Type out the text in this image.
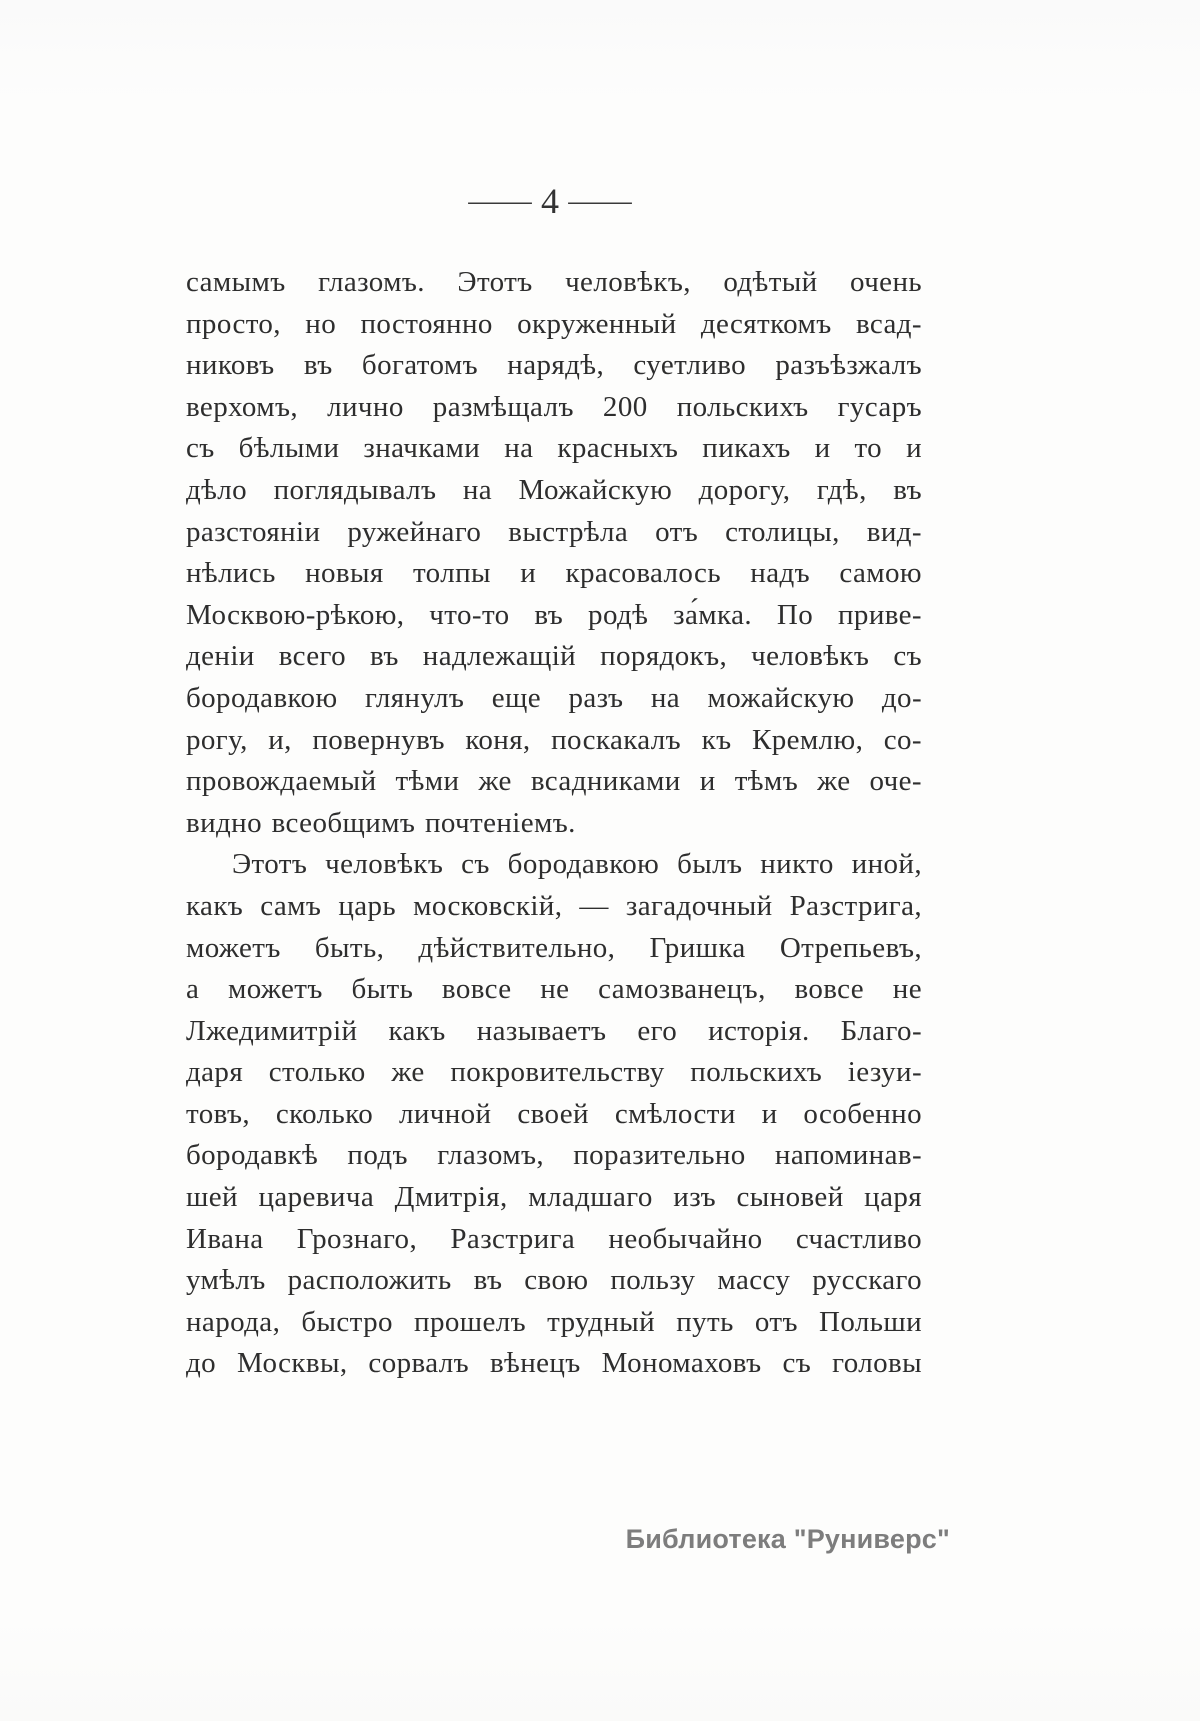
— 4 —

самымъ глазомъ. Этотъ человѣкъ, одѣтый очень

просто, но постоянно окруженный десяткомъ всад-

никовъ въ богатомъ нарядѣ, суетливо разъѣзжалъ

верхомъ, лично размѣщалъ 200 польскихъ гусаръ

съ бѣлыми значками на красныхъ пикахъ и то и

дѣло поглядывалъ на Можайскую дорогу, гдѣ, въ

разстояніи ружейнаго выстрѣла отъ столицы, вид-

нѣлись новыя толпы и красовалось надъ самою

Москвою-рѣкою, что-то въ родѣ за́мка. По приве-

деніи всего въ надлежащій порядокъ, человѣкъ съ

бородавкою глянулъ еще разъ на можайскую до-

рогу, и, повернувъ коня, поскакалъ къ Кремлю, со-

провождаемый тѣми же всадниками и тѣмъ же оче-

видно всеобщимъ почтеніемъ.

Этотъ человѣкъ съ бородавкою былъ никто иной,

какъ самъ царь московскій, — загадочный Разстрига,

можетъ быть, дѣйствительно, Гришка Отрепьевъ,

а можетъ быть вовсе не самозванецъ, вовсе не

Лжедимитрій какъ называетъ его исторія. Благо-

даря столько же покровительству польскихъ іезуи-

товъ, сколько личной своей смѣлости и особенно

бородавкѣ подъ глазомъ, поразительно напоминав-

шей царевича Дмитрія, младшаго изъ сыновей царя

Ивана Грознаго, Разстрига необычайно счастливо

умѣлъ расположить въ свою пользу массу русскаго

народа, быстро прошелъ трудный путь отъ Польши

до Москвы, сорвалъ вѣнецъ Мономаховъ съ головы

Библиотека "Руниверс"
